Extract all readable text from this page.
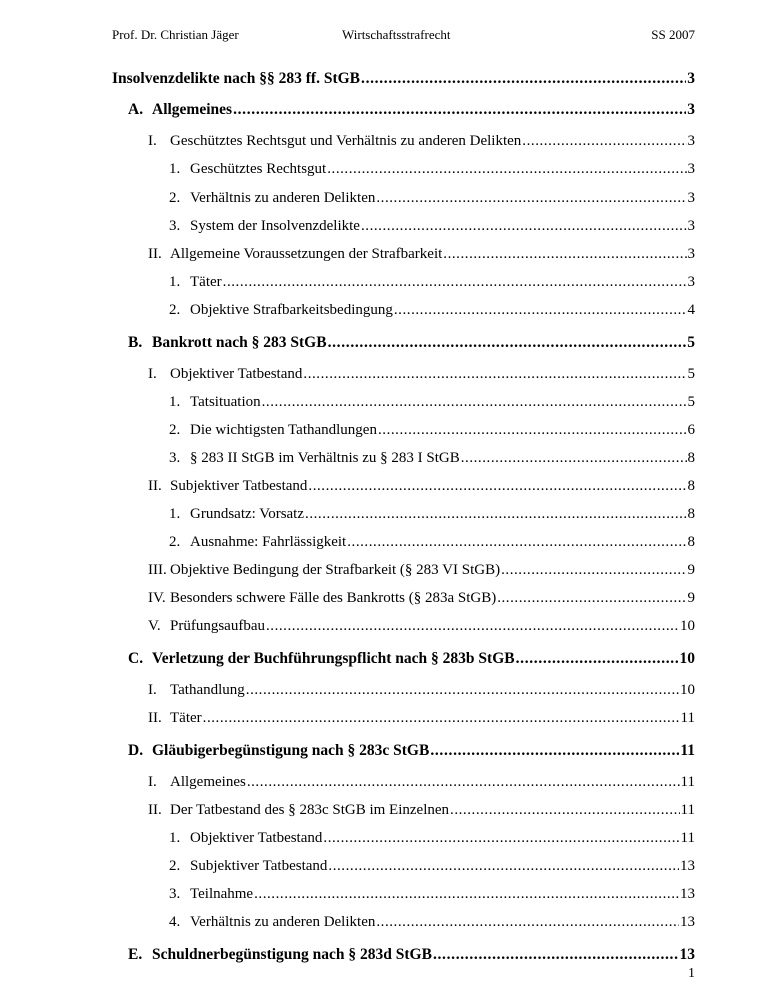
Prof. Dr. Christian Jäger	Wirtschaftsstrafrecht	SS 2007
Insolvenzdelikte nach §§ 283 ff. StGB . . .	3
A. Allgemeines . . .	3
I. Geschütztes Rechtsgut und Verhältnis zu anderen Delikten . . .	3
1. Geschütztes Rechtsgut . . .	3
2. Verhältnis zu anderen Delikten . . .	3
3. System der Insolvenzdelikte . . .	3
II. Allgemeine Voraussetzungen der Strafbarkeit . . .	3
1. Täter . . .	3
2. Objektive Strafbarkeitsbedingung . . .	4
B. Bankrott nach § 283 StGB . . .	5
I. Objektiver Tatbestand . . .	5
1. Tatsituation . . .	5
2. Die wichtigsten Tathandlungen . . .	6
3. § 283 II StGB im Verhältnis zu § 283 I StGB . . .	8
II. Subjektiver Tatbestand . . .	8
1. Grundsatz: Vorsatz . . .	8
2. Ausnahme: Fahrlässigkeit . . .	8
III. Objektive Bedingung der Strafbarkeit (§ 283 VI StGB) . . .	9
IV. Besonders schwere Fälle des Bankrotts (§ 283a StGB) . . .	9
V. Prüfungsaufbau . . .	10
C. Verletzung der Buchführungspflicht nach § 283b StGB . . .	10
I. Tathandlung . . .	10
II. Täter . . .	11
D. Gläubigerbegünstigung nach § 283c StGB . . .	11
I. Allgemeines . . .	11
II. Der Tatbestand des § 283c StGB im Einzelnen . . .	11
1. Objektiver Tatbestand . . .	11
2. Subjektiver Tatbestand . . .	13
3. Teilnahme . . .	13
4. Verhältnis zu anderen Delikten . . .	13
E. Schuldnerbegünstigung nach § 283d StGB . . .	13
1
